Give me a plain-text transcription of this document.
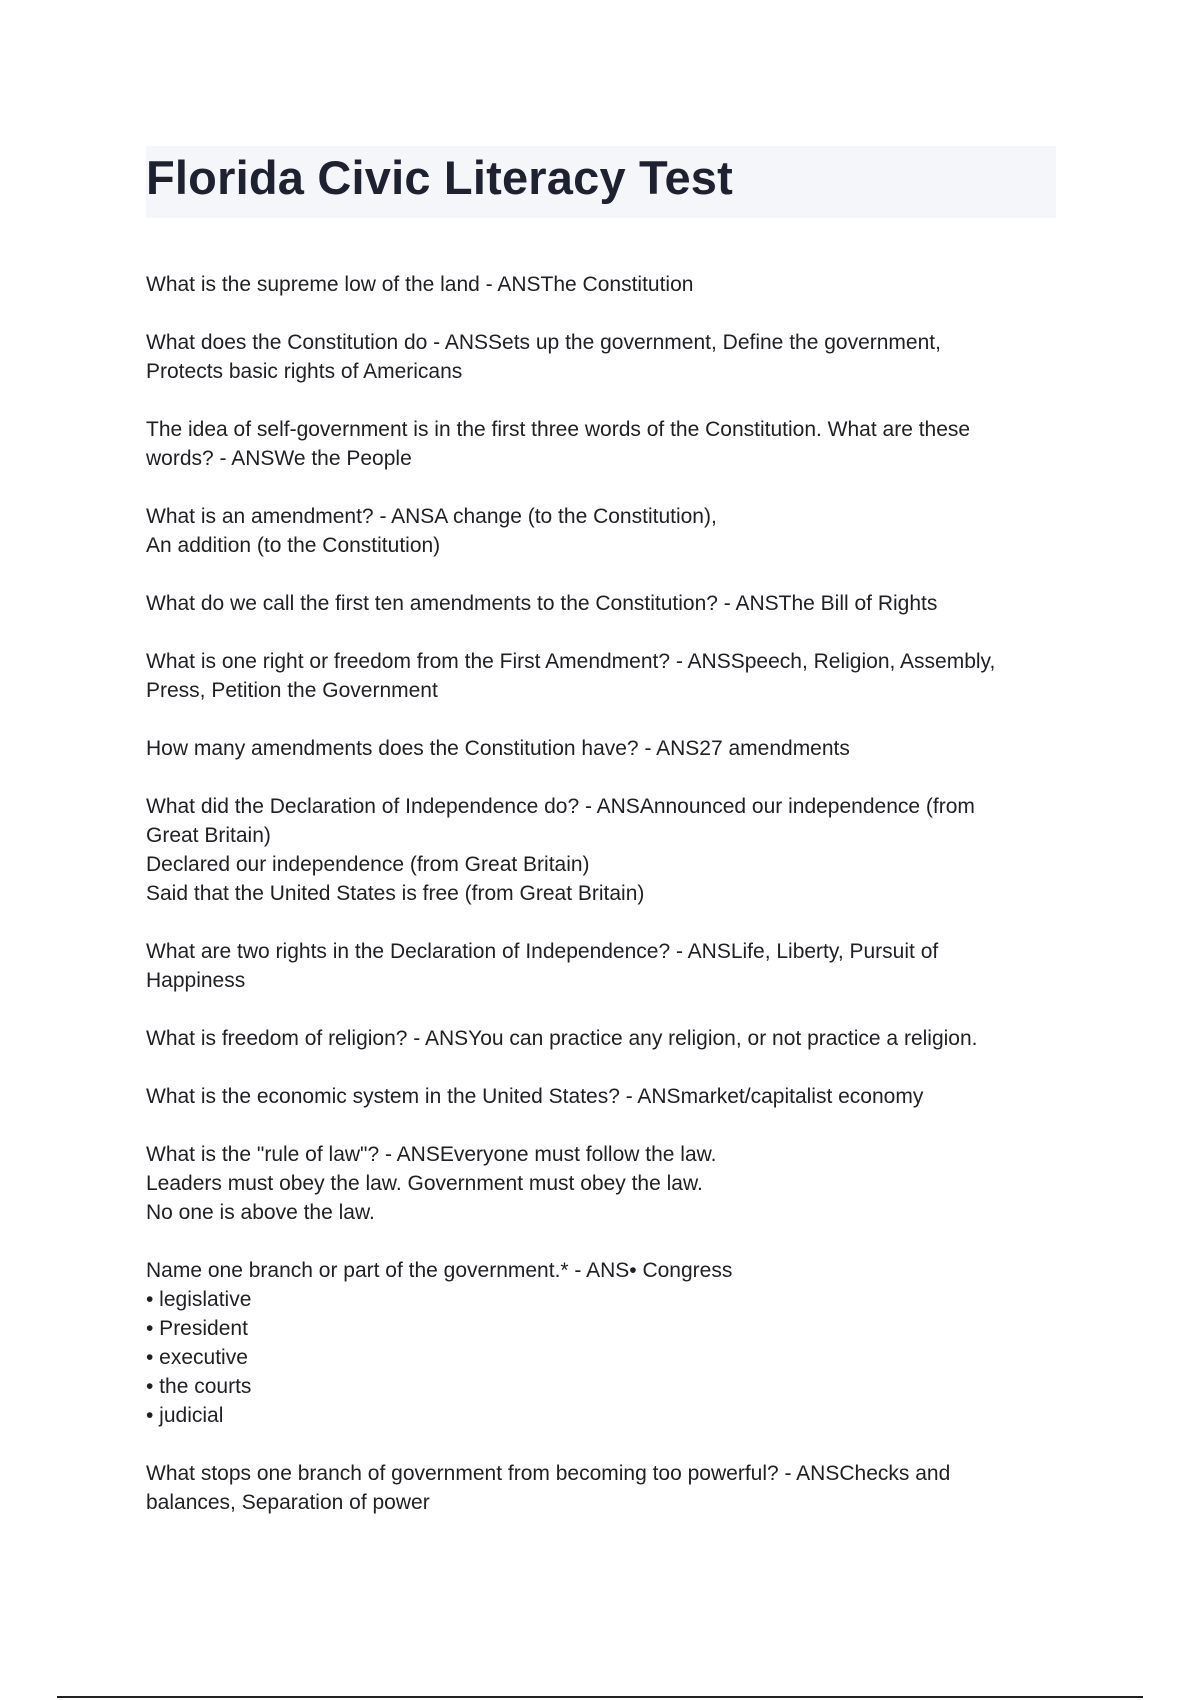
Florida Civic Literacy Test
What is the supreme low of the land - ANSThe Constitution
What does the Constitution do - ANSSets up the government, Define the government,
Protects basic rights of Americans
The idea of self-government is in the first three words of the Constitution. What are these
words? - ANSWe the People
What is an amendment? - ANSA change (to the Constitution),
An addition (to the Constitution)
What do we call the first ten amendments to the Constitution? - ANSThe Bill of Rights
What is one right or freedom from the First Amendment? - ANSSpeech, Religion, Assembly,
Press, Petition the Government
How many amendments does the Constitution have? - ANS27 amendments
What did the Declaration of Independence do? - ANSAnnounced our independence (from
Great Britain)
Declared our independence (from Great Britain)
Said that the United States is free (from Great Britain)
What are two rights in the Declaration of Independence? - ANSLife, Liberty, Pursuit of
Happiness
What is freedom of religion? - ANSYou can practice any religion, or not practice a religion.
What is the economic system in the United States? - ANSmarket/capitalist economy
What is the "rule of law"? - ANSEveryone must follow the law.
Leaders must obey the law. Government must obey the law.
No one is above the law.
Name one branch or part of the government.* - ANS• Congress
• legislative
• President
• executive
• the courts
• judicial
What stops one branch of government from becoming too powerful? - ANSChecks and
balances, Separation of power
